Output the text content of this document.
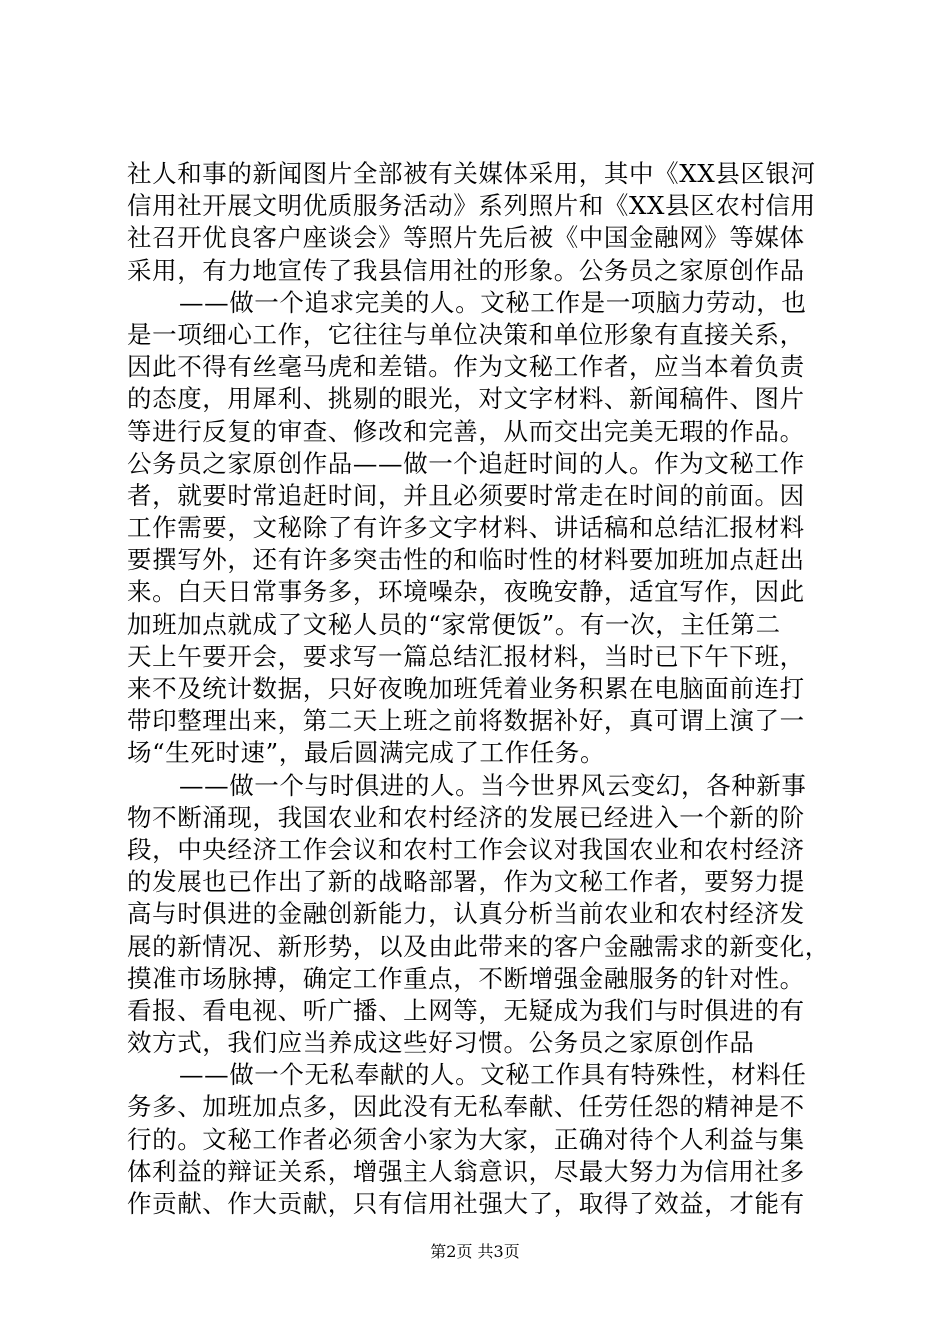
社人和事的新闻图片全部被有关媒体采用，其中《XX县区银河
信用社开展文明优质服务活动》系列照片和《XX县区农村信用
社召开优良客户座谈会》等照片先后被《中国金融网》等媒体
采用，有力地宣传了我县信用社的形象。公务员之家原创作品
——做一个追求完美的人。文秘工作是一项脑力劳动，也
是一项细心工作，它往往与单位决策和单位形象有直接关系，
因此不得有丝毫马虎和差错。作为文秘工作者，应当本着负责
的态度，用犀利、挑剔的眼光，对文字材料、新闻稿件、图片
等进行反复的审查、修改和完善，从而交出完美无瑕的作品。
公务员之家原创作品——做一个追赶时间的人。作为文秘工作
者，就要时常追赶时间，并且必须要时常走在时间的前面。因
工作需要，文秘除了有许多文字材料、讲话稿和总结汇报材料
要撰写外，还有许多突击性的和临时性的材料要加班加点赶出
来。白天日常事务多，环境噪杂，夜晚安静，适宜写作，因此
加班加点就成了文秘人员的“家常便饭”。有一次，主任第二
天上午要开会，要求写一篇总结汇报材料，当时已下午下班，
来不及统计数据，只好夜晚加班凭着业务积累在电脑面前连打
带印整理出来，第二天上班之前将数据补好，真可谓上演了一
场“生死时速”，最后圆满完成了工作任务。
——做一个与时俱进的人。当今世界风云变幻，各种新事
物不断涌现，我国农业和农村经济的发展已经进入一个新的阶
段，中央经济工作会议和农村工作会议对我国农业和农村经济
的发展也已作出了新的战略部署，作为文秘工作者，要努力提
高与时俱进的金融创新能力，认真分析当前农业和农村经济发
展的新情况、新形势，以及由此带来的客户金融需求的新变化，
摸准市场脉搏，确定工作重点，不断增强金融服务的针对性。
看报、看电视、听广播、上网等，无疑成为我们与时俱进的有
效方式，我们应当养成这些好习惯。公务员之家原创作品
——做一个无私奉献的人。文秘工作具有特殊性，材料任
务多、加班加点多，因此没有无私奉献、任劳任怨的精神是不
行的。文秘工作者必须舍小家为大家，正确对待个人利益与集
体利益的辩证关系，增强主人翁意识，尽最大努力为信用社多
作贡献、作大贡献，只有信用社强大了，取得了效益，才能有
第2页 共3页
